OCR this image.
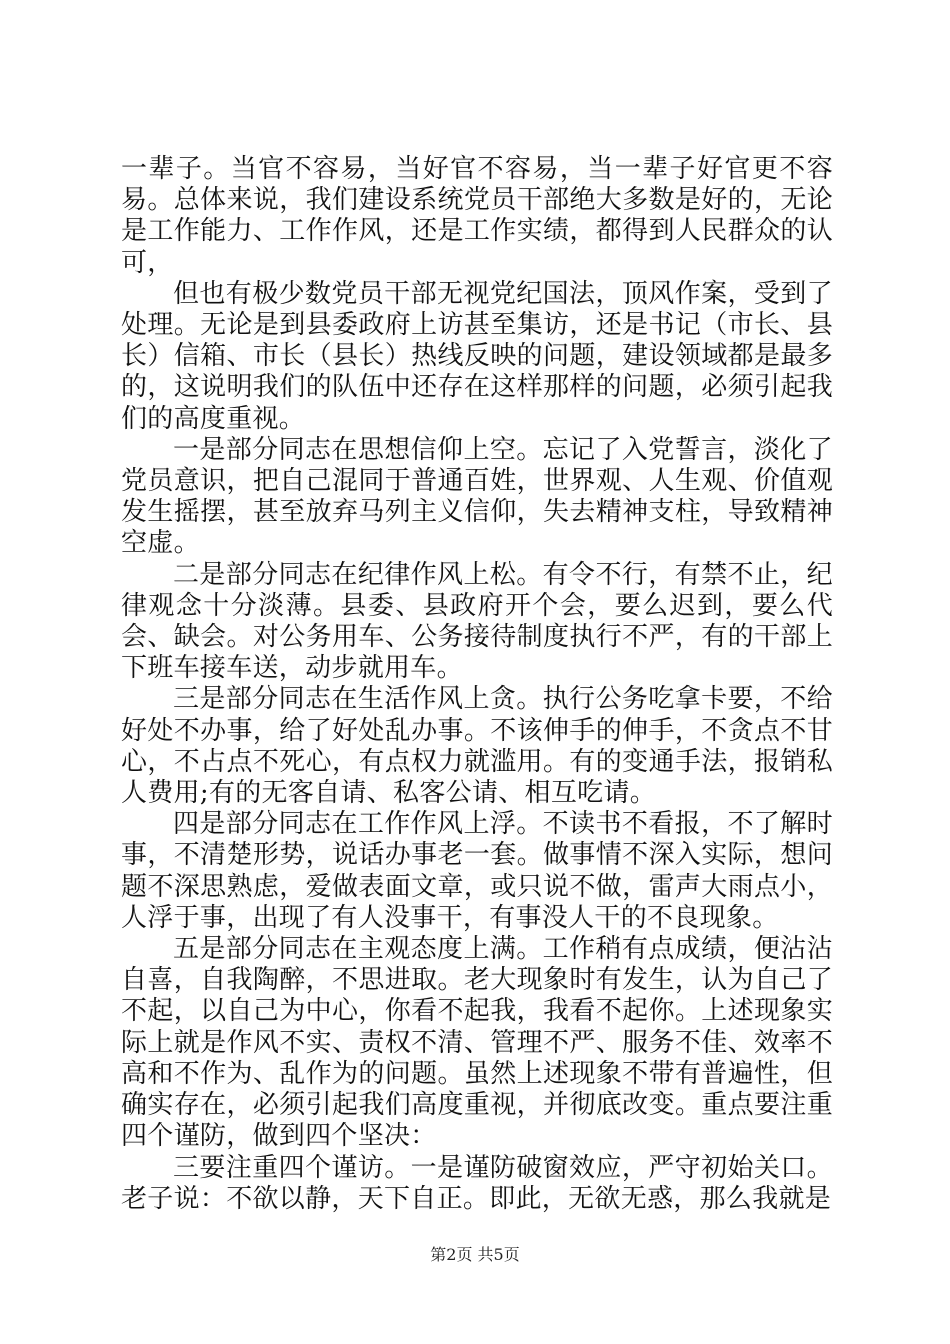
一辈子。当官不容易，当好官不容易，当一辈子好官更不容易。总体来说，我们建设系统党员干部绝大多数是好的，无论是工作能力、工作作风，还是工作实绩，都得到人民群众的认可，

但也有极少数党员干部无视党纪国法，顶风作案，受到了处理。无论是到县委政府上访甚至集访，还是书记（市长、县长）信箱、市长（县长）热线反映的问题，建设领域都是最多的，这说明我们的队伍中还存在这样那样的问题，必须引起我们的高度重视。

一是部分同志在思想信仰上空。忘记了入党誓言，淡化了党员意识，把自己混同于普通百姓，世界观、人生观、价值观发生摇摆，甚至放弃马列主义信仰，失去精神支柱，导致精神空虚。

二是部分同志在纪律作风上松。有令不行，有禁不止，纪律观念十分淡薄。县委、县政府开个会，要么迟到，要么代会、缺会。对公务用车、公务接待制度执行不严，有的干部上下班车接车送，动步就用车。

三是部分同志在生活作风上贪。执行公务吃拿卡要，不给好处不办事，给了好处乱办事。不该伸手的伸手，不贪点不甘心，不占点不死心，有点权力就滥用。有的变通手法，报销私人费用;有的无客自请、私客公请、相互吃请。

四是部分同志在工作作风上浮。不读书不看报，不了解时事，不清楚形势，说话办事老一套。做事情不深入实际，想问题不深思熟虑，爱做表面文章，或只说不做，雷声大雨点小，人浮于事，出现了有人没事干，有事没人干的不良现象。

五是部分同志在主观态度上满。工作稍有点成绩，便沾沾自喜，自我陶醉，不思进取。老大现象时有发生，认为自己了不起，以自己为中心，你看不起我，我看不起你。上述现象实际上就是作风不实、责权不清、管理不严、服务不佳、效率不高和不作为、乱作为的问题。虽然上述现象不带有普遍性，但确实存在，必须引起我们高度重视，并彻底改变。重点要注重四个谨防，做到四个坚决：

三要注重四个谨访。一是谨防破窗效应，严守初始关口。老子说：不欲以静，天下自正。即此，无欲无惑，那么我就是

第2页 共5页
